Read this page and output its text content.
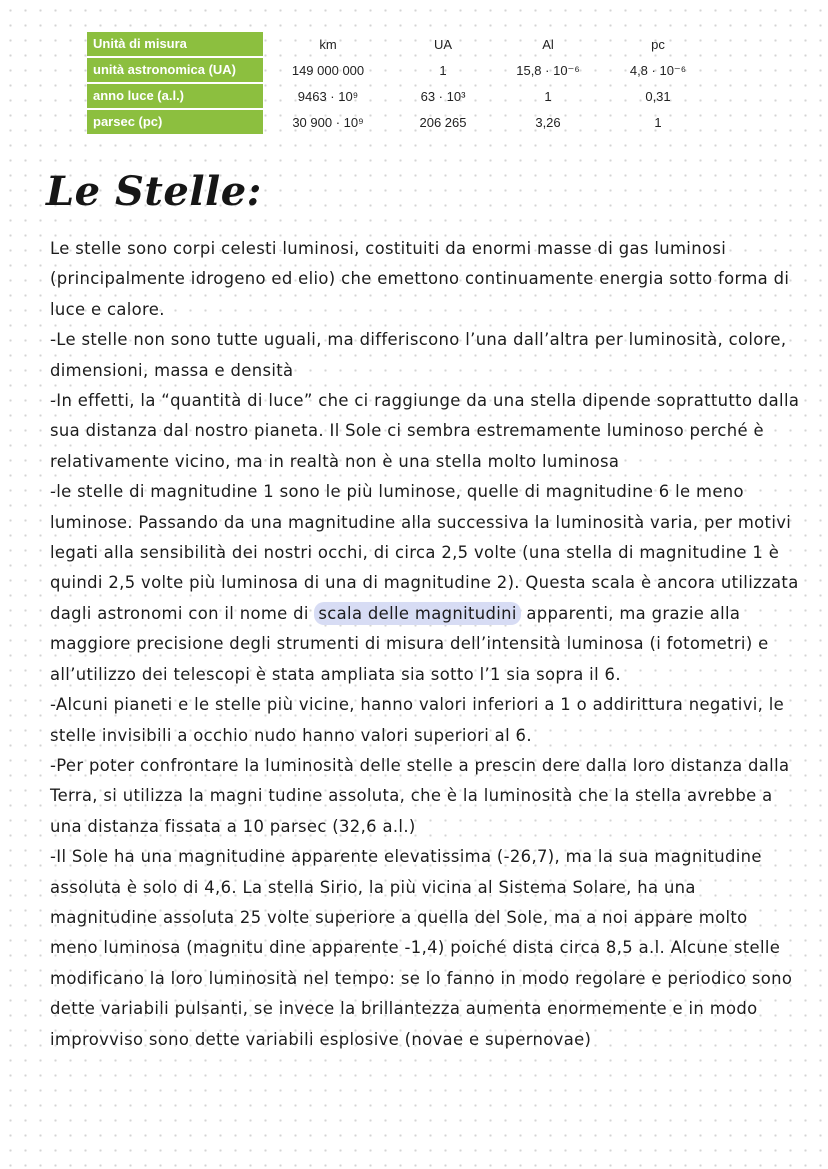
Unità di misura	km	UA	Al	pc
unità astronomica (UA)	149 000 000	1	15,8 · 10⁻⁶	4,8 · 10⁻⁶
anno luce (a.l.)	9463 · 10⁹	63 · 10³	1	0,31
parsec (pc)	30 900 · 10⁹	206 265	3,26	1
Le Stelle:

Le stelle sono corpi celesti luminosi, costituiti da enormi masse di gas luminosi (principalmente idrogeno ed elio) che emettono continuamente energia sotto forma di luce e calore.

-Le stelle non sono tutte uguali, ma differiscono l’una dall’altra per luminosità, colore, dimensioni, massa e densità

-In effetti, la “quantità di luce” che ci raggiunge da una stella dipende soprattutto dalla sua distanza dal nostro pianeta. Il Sole ci sembra estremamente luminoso perché è relativamente vicino, ma in realtà non è una stella molto luminosa

-le stelle di magnitudine 1 sono le più luminose, quelle di magnitudine 6 le meno luminose. Passando da una magnitudine alla successiva la luminosità varia, per motivi legati alla sensibilità dei nostri occhi, di circa 2,5 volte (una stella di magnitudine 1 è quindi 2,5 volte più luminosa di una di magnitudine 2). Questa scala è ancora utilizzata dagli astronomi con il nome di scala delle magnitudini apparenti, ma grazie alla maggiore precisione degli strumenti di misura dell’intensità luminosa (i fotometri) e all’utilizzo dei telescopi è stata ampliata sia sotto l’1 sia sopra il 6.

-Alcuni pianeti e le stelle più vicine, hanno valori inferiori a 1 o addirittura negativi, le stelle invisibili a occhio nudo hanno valori superiori al 6.

-Per poter confrontare la luminosità delle stelle a prescin dere dalla loro distanza dalla Terra, si utilizza la magni tudine assoluta, che è la luminosità che la stella avrebbe a una distanza fissata a 10 parsec (32,6 a.l.)

-Il Sole ha una magnitudine apparente elevatissima (-26,7), ma la sua magnitudine assoluta è solo di 4,6. La stella Sirio, la più vicina al Sistema Solare, ha una magnitudine assoluta 25 volte superiore a quella del Sole, ma a noi appare molto meno luminosa (magnitu dine apparente -1,4) poiché dista circa 8,5 a.l. Alcune stelle modificano la loro luminosità nel tempo: se lo fanno in modo regolare e periodico sono dette variabili pulsanti, se invece la brillantezza aumenta enormemente e in modo improvviso sono dette variabili esplosive (novae e supernovae)
